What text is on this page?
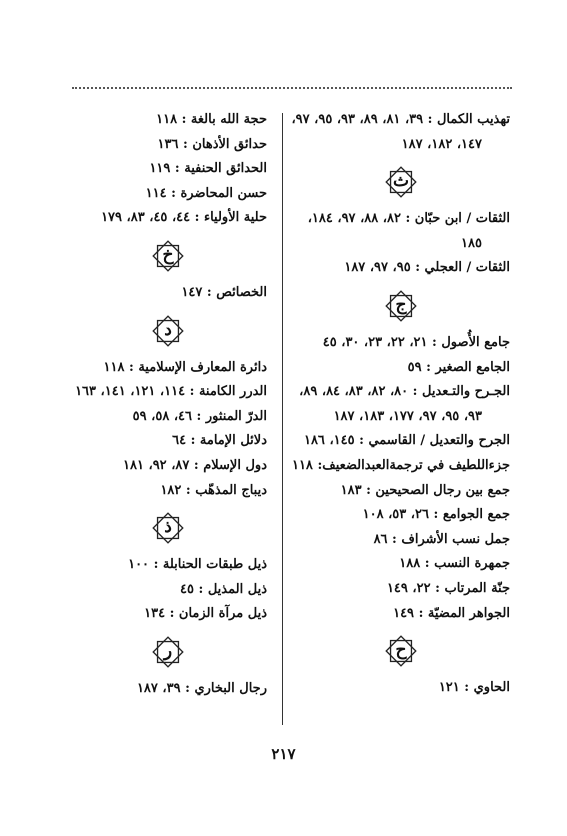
تهذيب الكمال : ٣٩، ٨١، ٨٩، ٩٣، ٩٥، ٩٧،
١٤٧، ١٨٢، ١٨٧
ث
الثقات / ابن حبّان : ٨٢، ٨٨، ٩٧، ١٨٤،
١٨٥
الثقات / العجلي : ٩٥، ٩٧، ١٨٧
ج
جامع الأُصول : ٢١، ٢٢، ٢٣، ٣٠، ٤٥
الجامع الصغير : ٥٩
الجـرح والتـعديل : ٨٠، ٨٢، ٨٣، ٨٤، ٨٩،
٩٣، ٩٥، ٩٧، ١٧٧، ١٨٣، ١٨٧
الجرح والتعديل / القاسمي : ١٤٥، ١٨٦
جزءاللطيف في ترجمةالعبدالضعيف: ١١٨
جمع بين رجال الصحيحين : ١٨٣
جمع الجوامع : ٢٦، ٥٣، ١٠٨
جمل نسب الأشراف : ٨٦
جمهرة النسب : ١٨٨
جنّة المرتاب : ٢٢، ١٤٩
الجواهر المضيّة : ١٤٩
ح
الحاوي : ١٢١
حجة الله بالغة : ١١٨
حدائق الأذهان : ١٣٦
الحدائق الحنفية : ١١٩
حسن المحاضرة : ١١٤
حلية الأولياء : ٤٤، ٤٥، ٨٣، ١٧٩
خ
الخصائص : ١٤٧
د
دائرة المعارف الإسلامية : ١١٨
الدرر الكامنة : ١١٤، ١٢١، ١٤١، ١٦٣
الدرّ المنثور : ٤٦، ٥٨، ٥٩
دلائل الإمامة : ٦٤
دول الإسلام : ٨٧، ٩٢، ١٨١
ديباج المذهّب : ١٨٢
ذ
ذيل طبقات الحنابلة : ١٠٠
ذيل المذيل : ٤٥
ذيل مرآة الزمان : ١٣٤
ر
رجال البخاري : ٣٩، ١٨٧
٢١٧
